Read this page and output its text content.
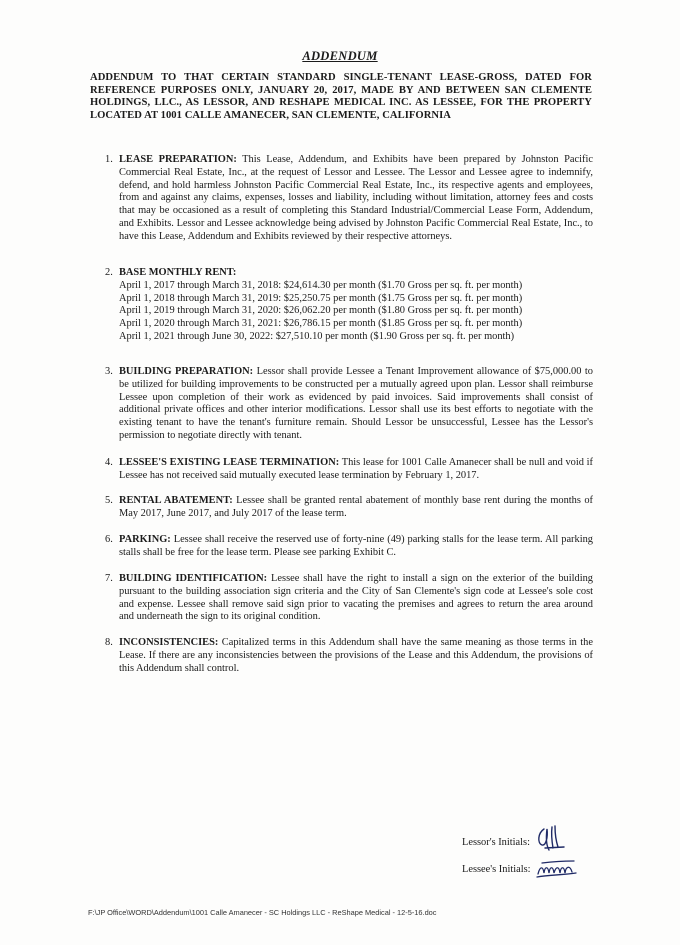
ADDENDUM
ADDENDUM TO THAT CERTAIN STANDARD SINGLE-TENANT LEASE-GROSS, DATED FOR REFERENCE PURPOSES ONLY, JANUARY 20, 2017, MADE BY AND BETWEEN SAN CLEMENTE HOLDINGS, LLC., AS LESSOR, AND RESHAPE MEDICAL INC. AS LESSEE, FOR THE PROPERTY LOCATED AT 1001 CALLE AMANECER, SAN CLEMENTE, CALIFORNIA
1. LEASE PREPARATION: This Lease, Addendum, and Exhibits have been prepared by Johnston Pacific Commercial Real Estate, Inc., at the request of Lessor and Lessee. The Lessor and Lessee agree to indemnify, defend, and hold harmless Johnston Pacific Commercial Real Estate, Inc., its respective agents and employees, from and against any claims, expenses, losses and liability, including without limitation, attorney fees and costs that may be occasioned as a result of completing this Standard Industrial/Commercial Lease Form, Addendum, and Exhibits. Lessor and Lessee acknowledge being advised by Johnston Pacific Commercial Real Estate, Inc., to have this Lease, Addendum and Exhibits reviewed by their respective attorneys.
2. BASE MONTHLY RENT:
April 1, 2017 through March 31, 2018: $24,614.30 per month ($1.70 Gross per sq. ft. per month)
April 1, 2018 through March 31, 2019: $25,250.75 per month ($1.75 Gross per sq. ft. per month)
April 1, 2019 through March 31, 2020: $26,062.20 per month ($1.80 Gross per sq. ft. per month)
April 1, 2020 through March 31, 2021: $26,786.15 per month ($1.85 Gross per sq. ft. per month)
April 1, 2021 through June 30, 2022: $27,510.10 per month ($1.90 Gross per sq. ft. per month)
3. BUILDING PREPARATION: Lessor shall provide Lessee a Tenant Improvement allowance of $75,000.00 to be utilized for building improvements to be constructed per a mutually agreed upon plan. Lessor shall reimburse Lessee upon completion of their work as evidenced by paid invoices. Said improvements shall consist of additional private offices and other interior modifications. Lessor shall use its best efforts to negotiate with the existing tenant to have the tenant's furniture remain. Should Lessor be unsuccessful, Lessee has the Lessor's permission to negotiate directly with tenant.
4. LESSEE'S EXISTING LEASE TERMINATION: This lease for 1001 Calle Amanecer shall be null and void if Lessee has not received said mutually executed lease termination by February 1, 2017.
5. RENTAL ABATEMENT: Lessee shall be granted rental abatement of monthly base rent during the months of May 2017, June 2017, and July 2017 of the lease term.
6. PARKING: Lessee shall receive the reserved use of forty-nine (49) parking stalls for the lease term. All parking stalls shall be free for the lease term. Please see parking Exhibit C.
7. BUILDING IDENTIFICATION: Lessee shall have the right to install a sign on the exterior of the building pursuant to the building association sign criteria and the City of San Clemente's sign code at Lessee's sole cost and expense. Lessee shall remove said sign prior to vacating the premises and agrees to return the area around and underneath the sign to its original condition.
8. INCONSISTENCIES: Capitalized terms in this Addendum shall have the same meaning as those terms in the Lease. If there are any inconsistencies between the provisions of the Lease and this Addendum, the provisions of this Addendum shall control.
Lessor's Initials:
Lessee's Initials:
F:\JP Office\WORD\Addendum\1001 Calle Amanecer - SC Holdings LLC - ReShape Medical - 12-5-16.doc
